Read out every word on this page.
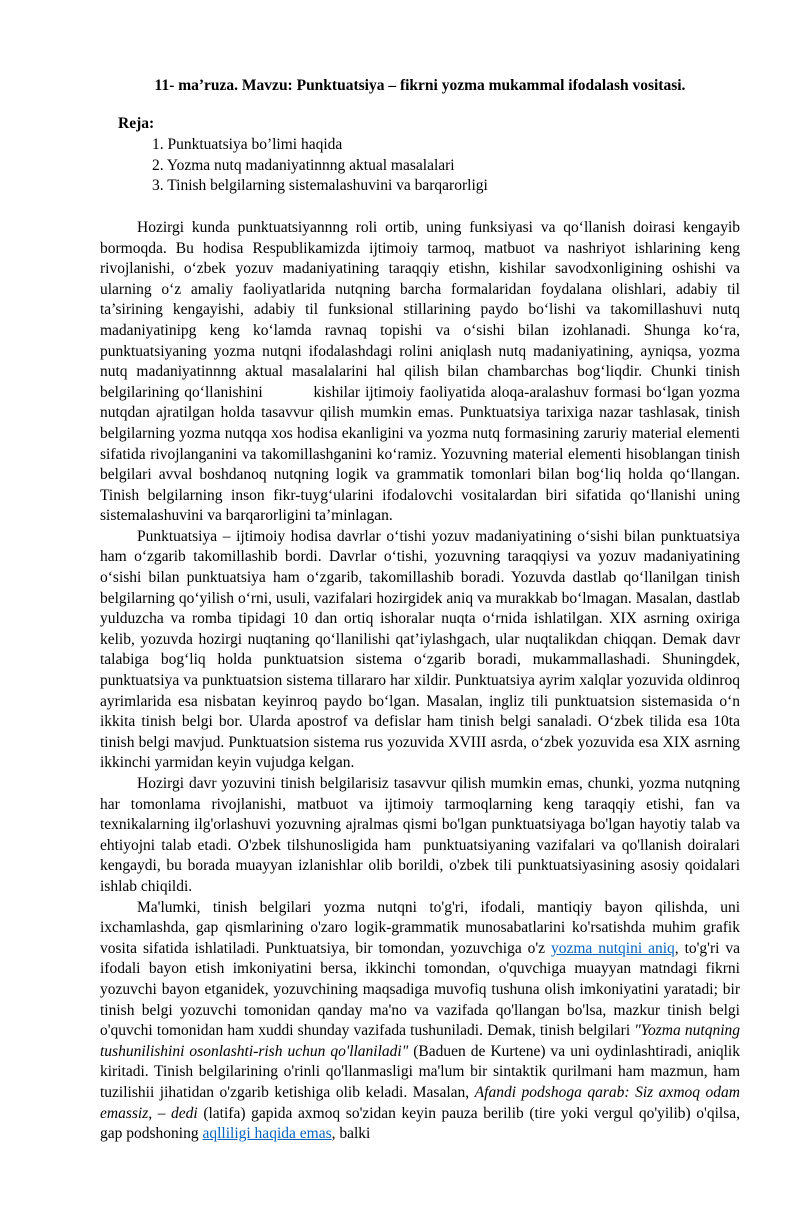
11- ma’ruza. Mavzu: Punktuatsiya – fikrni yozma mukammal ifodalash vositasi.
Reja:
1. Punktuatsiya bo’limi haqida
2. Yozma nutq madaniyatinnng aktual masalalari
3. Tinish belgilarning sistemalashuvini va barqarorligi

Hozirgi kunda punktuatsiyannng roli ortib, uning funksiyasi va qoʻllanish doirasi kengayib bormoqda. Bu hodisa Respublikamizda ijtimoiy tarmoq, matbuot va nashriyot ishlarining keng rivojlanishi, oʻzbek yozuv madaniyatining taraqqiy etishn, kishilar savodxonligining oshishi va ularning oʻz amaliy faoliyatlarida nutqning barcha formalaridan foydalana olishlari, adabiy til ta’sirining kengayishi, adabiy til funksional stillarining paydo boʻlishi va takomillashuvi nutq madaniyatinipg keng koʻlamda ravnaq topishi va oʻsishi bilan izohlanadi. Shunga koʻra, punktuatsiyaning yozma nutqni ifodalashdagi rolini aniqlash nutq madaniyatining, ayniqsa, yozma nutq madaniyatinnng aktual masalalarini hal qilish bilan chambarchas bogʻliqdir. Chunki tinish belgilarining qoʻllanishini          kishilar ijtimoiy faoliyatida aloqa-aralashuv formasi boʻlgan yozma nutqdan ajratilgan holda tasavvur qilish mumkin emas. Punktuatsiya tarixiga nazar tashlasak, tinish belgilarning yozma nutqqa xos hodisa ekanligini va yozma nutq formasining zaruriy material elementi sifatida rivojlanganini va takomillashganini koʻramiz. Yozuvning material elementi hisoblangan tinish belgilari avval boshdanoq nutqning logik va grammatik tomonlari bilan bogʻliq holda qoʻllangan. Tinish belgilarning inson fikr-tuygʻularini ifodalovchi vositalardan biri sifatida qoʻllanishi uning sistemalashuvini va barqarorligini ta’minlagan.

Punktuatsiya – ijtimoiy hodisa davrlar oʻtishi yozuv madaniyatining oʻsishi bilan punktuatsiya ham oʻzgarib takomillashib bordi. Davrlar oʻtishi, yozuvning taraqqiysi va yozuv madaniyatining oʻsishi bilan punktuatsiya ham oʻzgarib, takomillashib boradi. Yozuvda dastlab qoʻllanilgan tinish belgilarning qoʻyilish oʻrni, usuli, vazifalari hozirgidek aniq va murakkab boʻlmagan. Masalan, dastlab yulduzcha va romba tipidagi 10 dan ortiq ishoralar nuqta oʻrnida ishlatilgan. XIX asrning oxiriga kelib, yozuvda hozirgi nuqtaning qoʻllanilishi qat’iylashgach, ular nuqtalikdan chiqqan. Demak davr talabiga bogʻliq holda punktuatsion sistema oʻzgarib boradi, mukammallashadi. Shuningdek, punktuatsiya va punktuatsion sistema tillararo har xildir. Punktuatsiya ayrim xalqlar yozuvida oldinroq ayrimlarida esa nisbatan keyinroq paydo boʻlgan. Masalan, ingliz tili punktuatsion sistemasida oʻn ikkita tinish belgi bor. Ularda apostrof va defislar ham tinish belgi sanaladi. Oʻzbek tilida esa 10ta tinish belgi mavjud. Punktuatsion sistema rus yozuvida XVIII asrda, oʻzbek yozuvida esa XIX asrning ikkinchi yarmidan keyin vujudga kelgan.

Hozirgi davr yozuvini tinish belgilarisiz tasavvur qilish mumkin emas, chunki, yozma nutqning har tomonlama rivojlanishi, matbuot va ijtimoiy tarmoqlarning keng taraqqiy etishi, fan va texnikalarning ilg'orlashuvi yozuvning ajralmas qismi bo'lgan punktuatsiyaga bo'lgan hayotiy talab va ehtiyojni talab etadi. O'zbek tilshunosligida ham  punktuatsiyaning vazifalari va qo'llanish doiralari kengaydi, bu borada muayyan izlanishlar olib borildi, o'zbek tili punktuatsiyasining asosiy qoidalari ishlab chiqildi.

Ma'lumki, tinish belgilari yozma nutqni to'g'ri, ifodali, mantiqiy bayon qilishda, uni ixchamlashda, gap qismlarining o'zaro logik-grammatik munosabatlarini ko'rsatishda muhim grafik vosita sifatida ishlatiladi. Punktuatsiya, bir tomondan, yozuvchiga o'z yozma nutqini aniq, to'g'ri va ifodali bayon etish imkoniyatini bersa, ikkinchi tomondan, o'quvchiga muayyan matndagi fikrni yozuvchi bayon etganidek, yozuvchining maqsadiga muvofiq tushuna olish imkoniyatini yaratadi; bir tinish belgi yozuvchi tomonidan qanday ma'no va vazifada qo'llangan bo'lsa, mazkur tinish belgi o'quvchi tomonidan ham xuddi shunday vazifada tushuniladi. Demak, tinish belgilari "Yozma nutqning tushunilishini osonlashti-rish uchun qo'llaniladi" (Baduen de Kurtene) va uni oydinlashtiradi, aniqlik kiritadi. Tinish belgilarining o'rinli qo'llanmasligi ma'lum bir sintaktik qurilmani ham mazmun, ham tuzilishii jihatidan o'zgarib ketishiga olib keladi. Masalan, Afandi podshoga qarab: Siz axmoq odam emassiz, – dedi (latifa) gapida axmoq so'zidan keyin pauza berilib (tire yoki vergul qo'yilib) o'qilsa, gap podshoning aqlliligi haqida emas, balki
